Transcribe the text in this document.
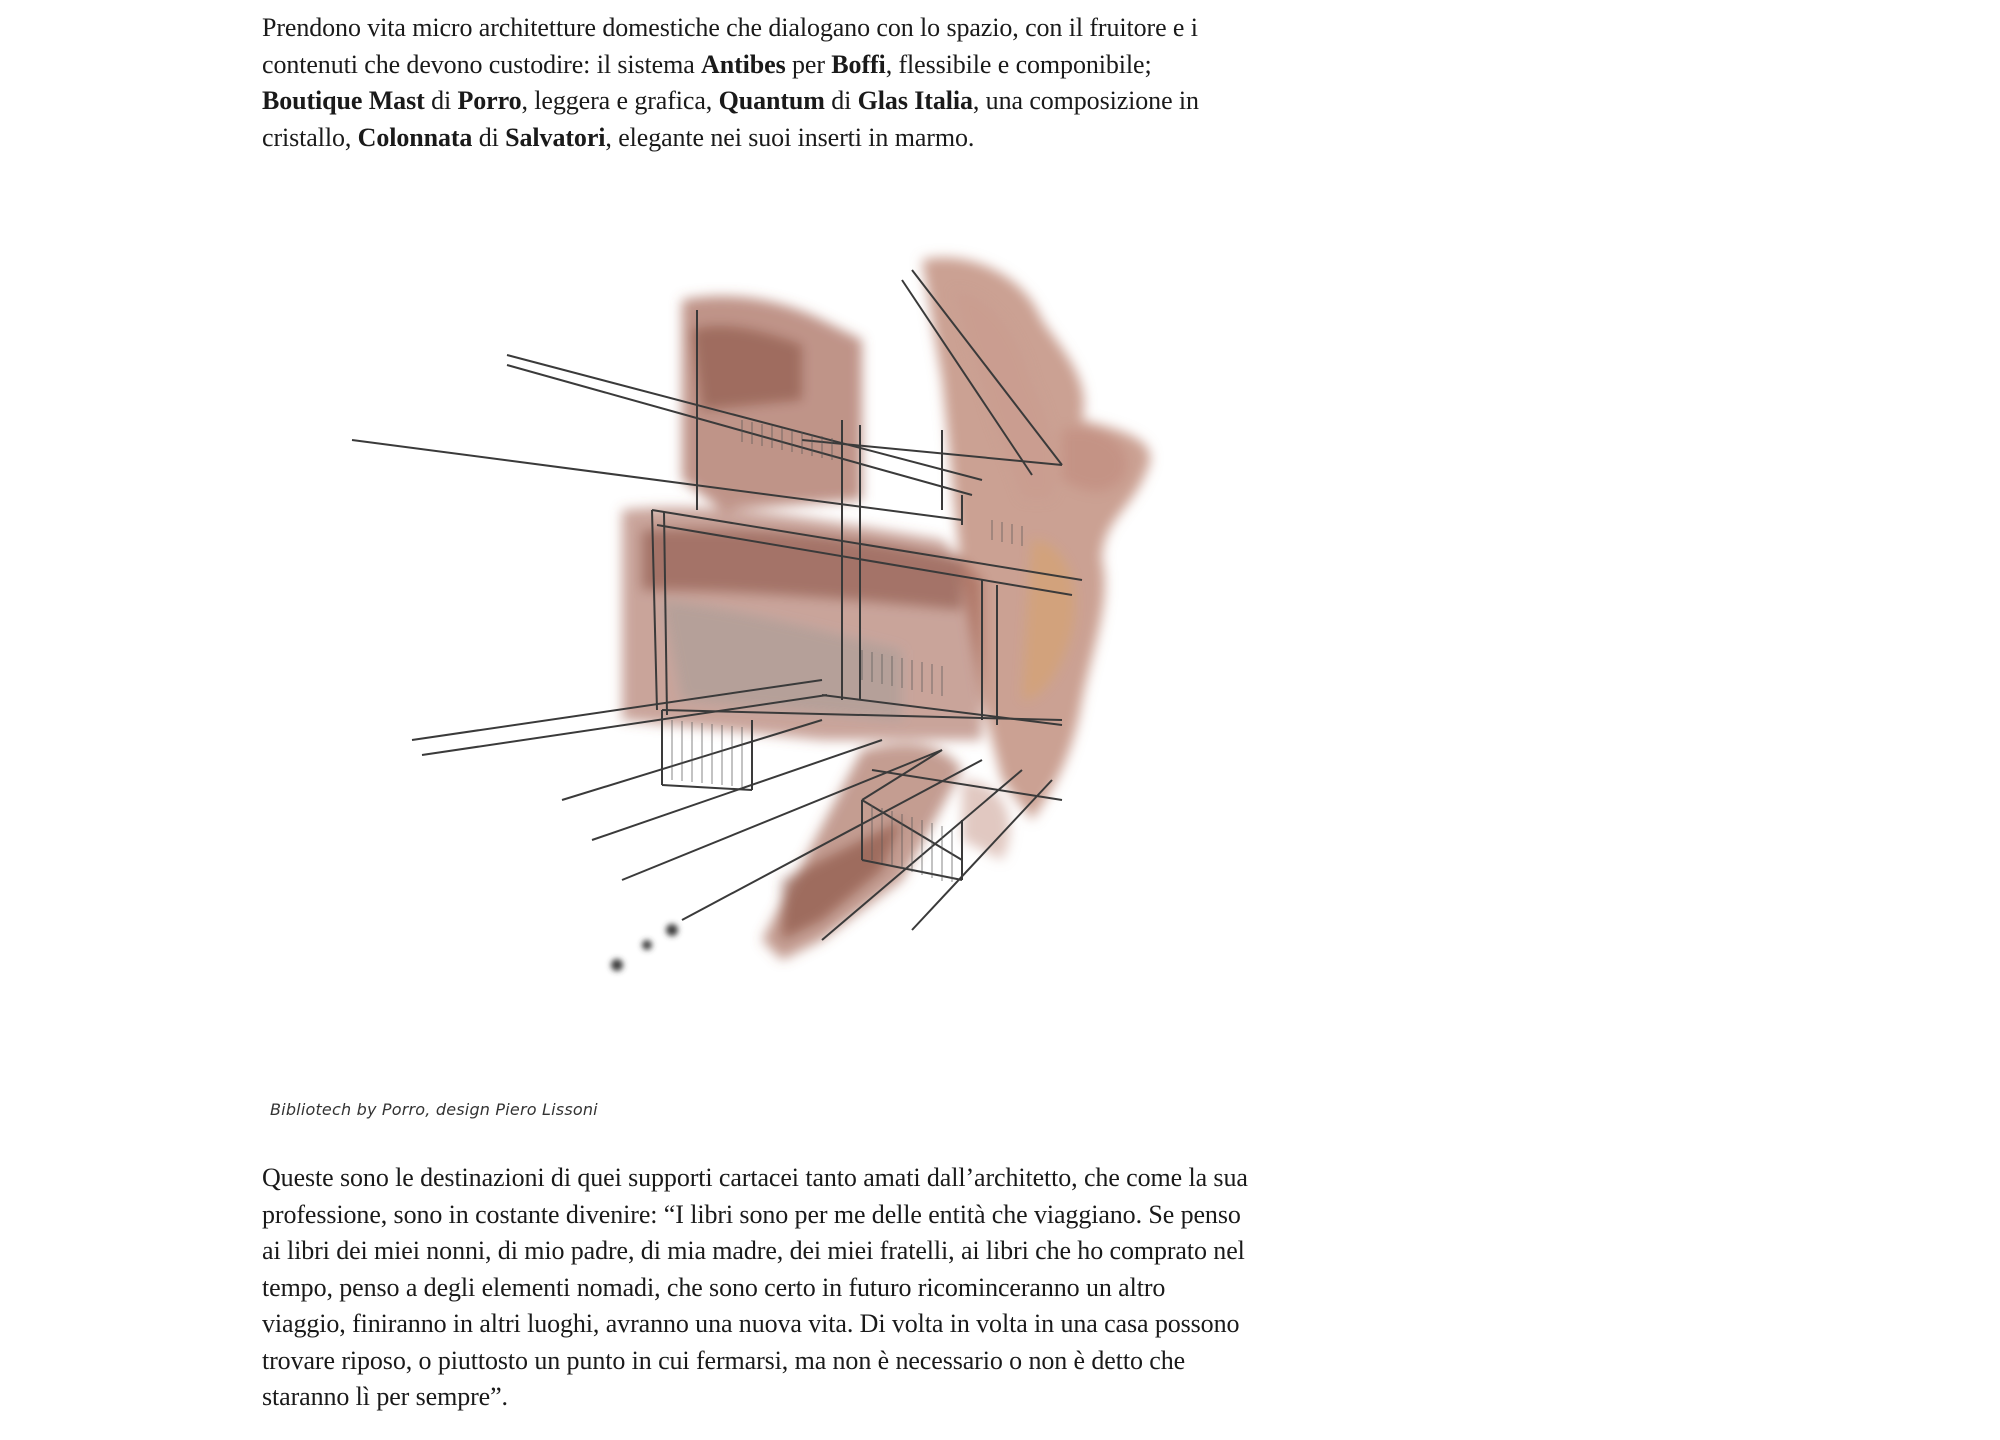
Prendono vita micro architetture domestiche che dialogano con lo spazio, con il fruitore e i contenuti che devono custodire: il sistema Antibes per Boffi, flessibile e componibile; Boutique Mast di Porro, leggera e grafica, Quantum di Glas Italia, una composizione in cristallo, Colonnata di Salvatori, elegante nei suoi inserti in marmo.

Queste sono le destinazioni di quei supporti cartacei tanto amati dall’architetto, che come la sua professione, sono in costante divenire: “I libri sono per me delle entità che viaggiano. Se penso ai libri dei miei nonni, di mio padre, di mia madre, dei miei fratelli, ai libri che ho comprato nel tempo, penso a degli elementi nomadi, che sono certo in futuro ricominceranno un altro viaggio, finiranno in altri luoghi, avranno una nuova vita. Di volta in volta in una casa possono trovare riposo, o piuttosto un punto in cui fermarsi, ma non è necessario o non è detto che staranno lì per sempre”.

Bibliotech by Porro, design Piero Lissoni
